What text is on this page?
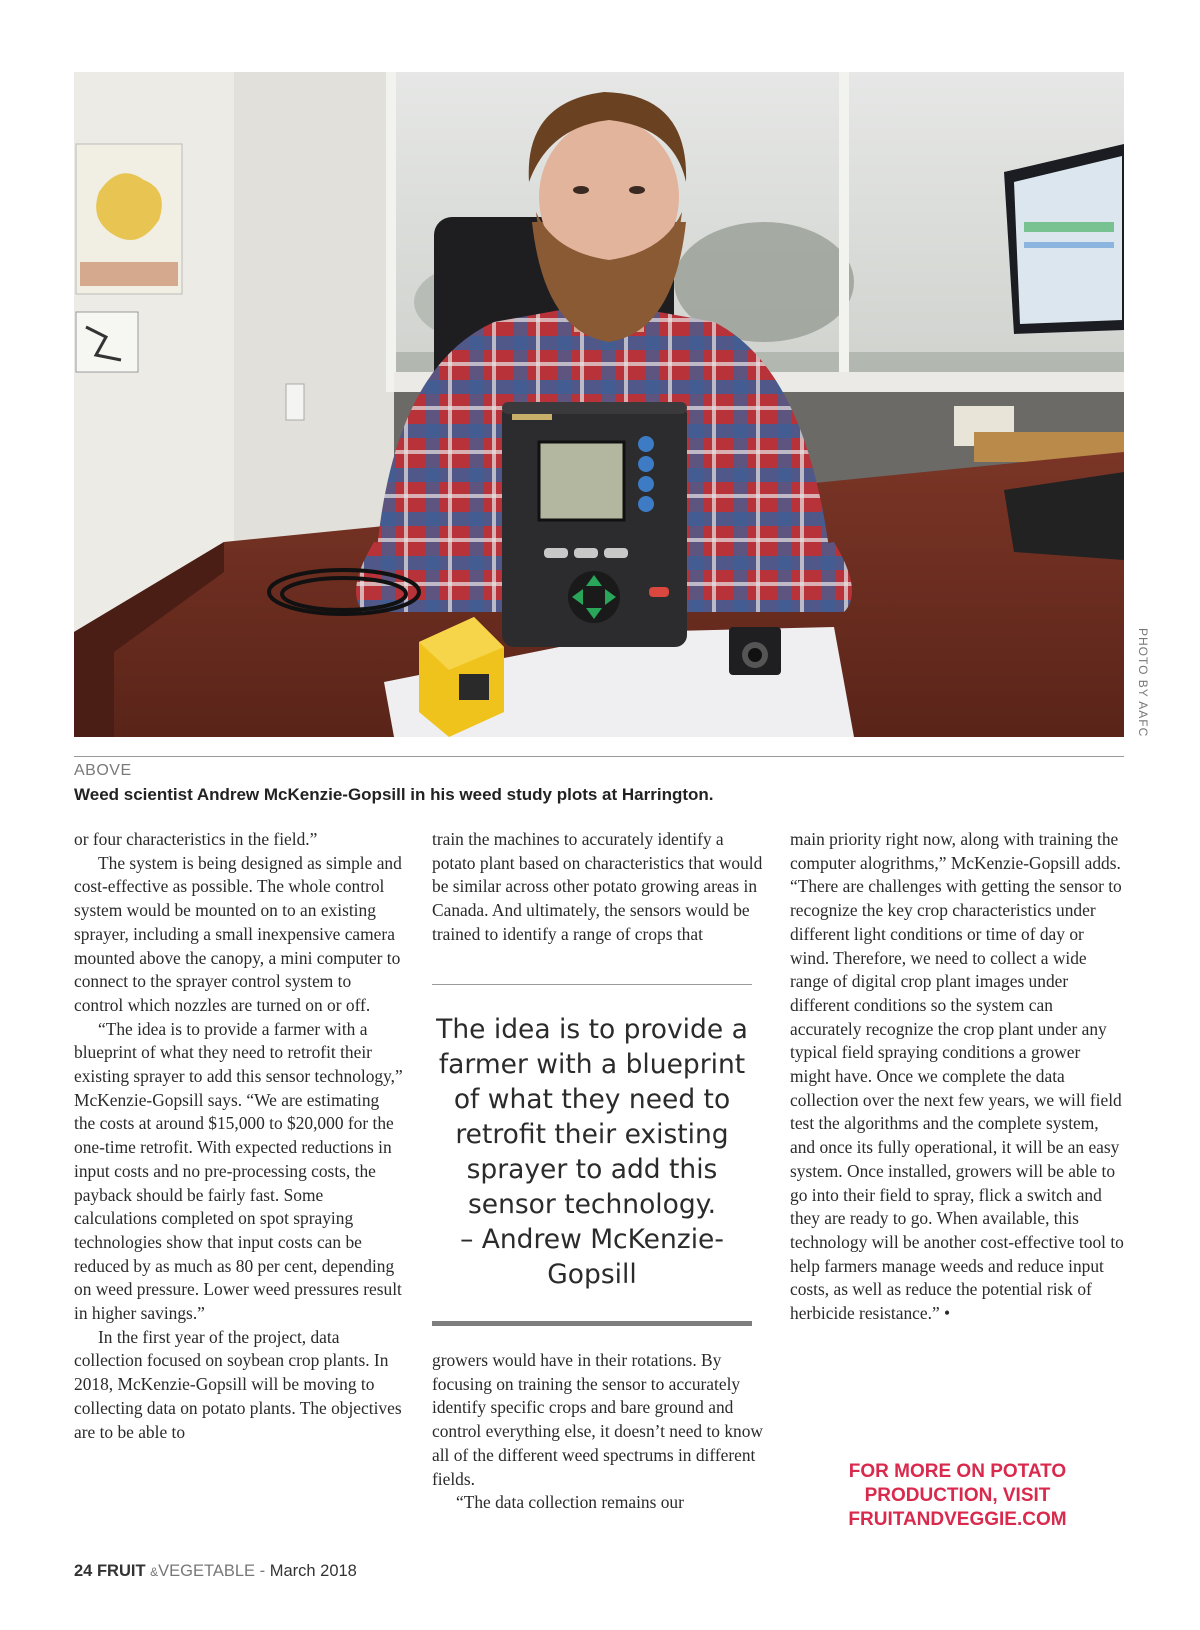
PHOTO BY AAFC
ABOVE
Weed scientist Andrew McKenzie-Gopsill in his weed study plots at Harrington.

or four characteristics in the field.”

The system is being designed as simple and cost-effective as possible. The whole control system would be mounted on to an existing sprayer, including a small inexpensive camera mounted above the canopy, a mini computer to connect to the sprayer control system to control which nozzles are turned on or off.

“The idea is to provide a farmer with a blueprint of what they need to retrofit their existing sprayer to add this sensor technology,” McKenzie-Gopsill says. “We are estimating the costs at around $15,000 to $20,000 for the one-time retrofit. With expected reductions in input costs and no pre-processing costs, the payback should be fairly fast. Some calculations completed on spot spraying technologies show that input costs can be reduced by as much as 80 per cent, depending on weed pressure. Lower weed pressures result in higher savings.”

In the first year of the project, data collection focused on soybean crop plants. In 2018, McKenzie-Gopsill will be moving to collecting data on potato plants. The objectives are to be able to

train the machines to accurately identify a potato plant based on characteristics that would be similar across other potato growing areas in Canada. And ultimately, the sensors would be trained to identify a range of crops that

The idea is to provide a farmer with a blueprint of what they need to retrofit their existing sprayer to add this sensor technology.
– Andrew McKenzie-Gopsill

growers would have in their rotations. By focusing on training the sensor to accurately identify specific crops and bare ground and control everything else, it doesn’t need to know all of the different weed spectrums in different fields.

“The data collection remains our

main priority right now, along with training the computer alogrithms,” McKenzie-Gopsill adds. “There are challenges with getting the sensor to recognize the key crop characteristics under different light conditions or time of day or wind. Therefore, we need to collect a wide range of digital crop plant images under different conditions so the system can accurately recognize the crop plant under any typical field spraying conditions a grower might have. Once we complete the data collection over the next few years, we will field test the algorithms and the complete system, and once its fully operational, it will be an easy system. Once installed, growers will be able to go into their field to spray, flick a switch and they are ready to go. When available, this technology will be another cost-effective tool to help farmers manage weeds and reduce input costs, as well as reduce the potential risk of herbicide resistance.” •

FOR MORE ON POTATO
PRODUCTION, VISIT
FRUITANDVEGGIE.COM
24 FRUIT &VEGETABLE - March 2018
